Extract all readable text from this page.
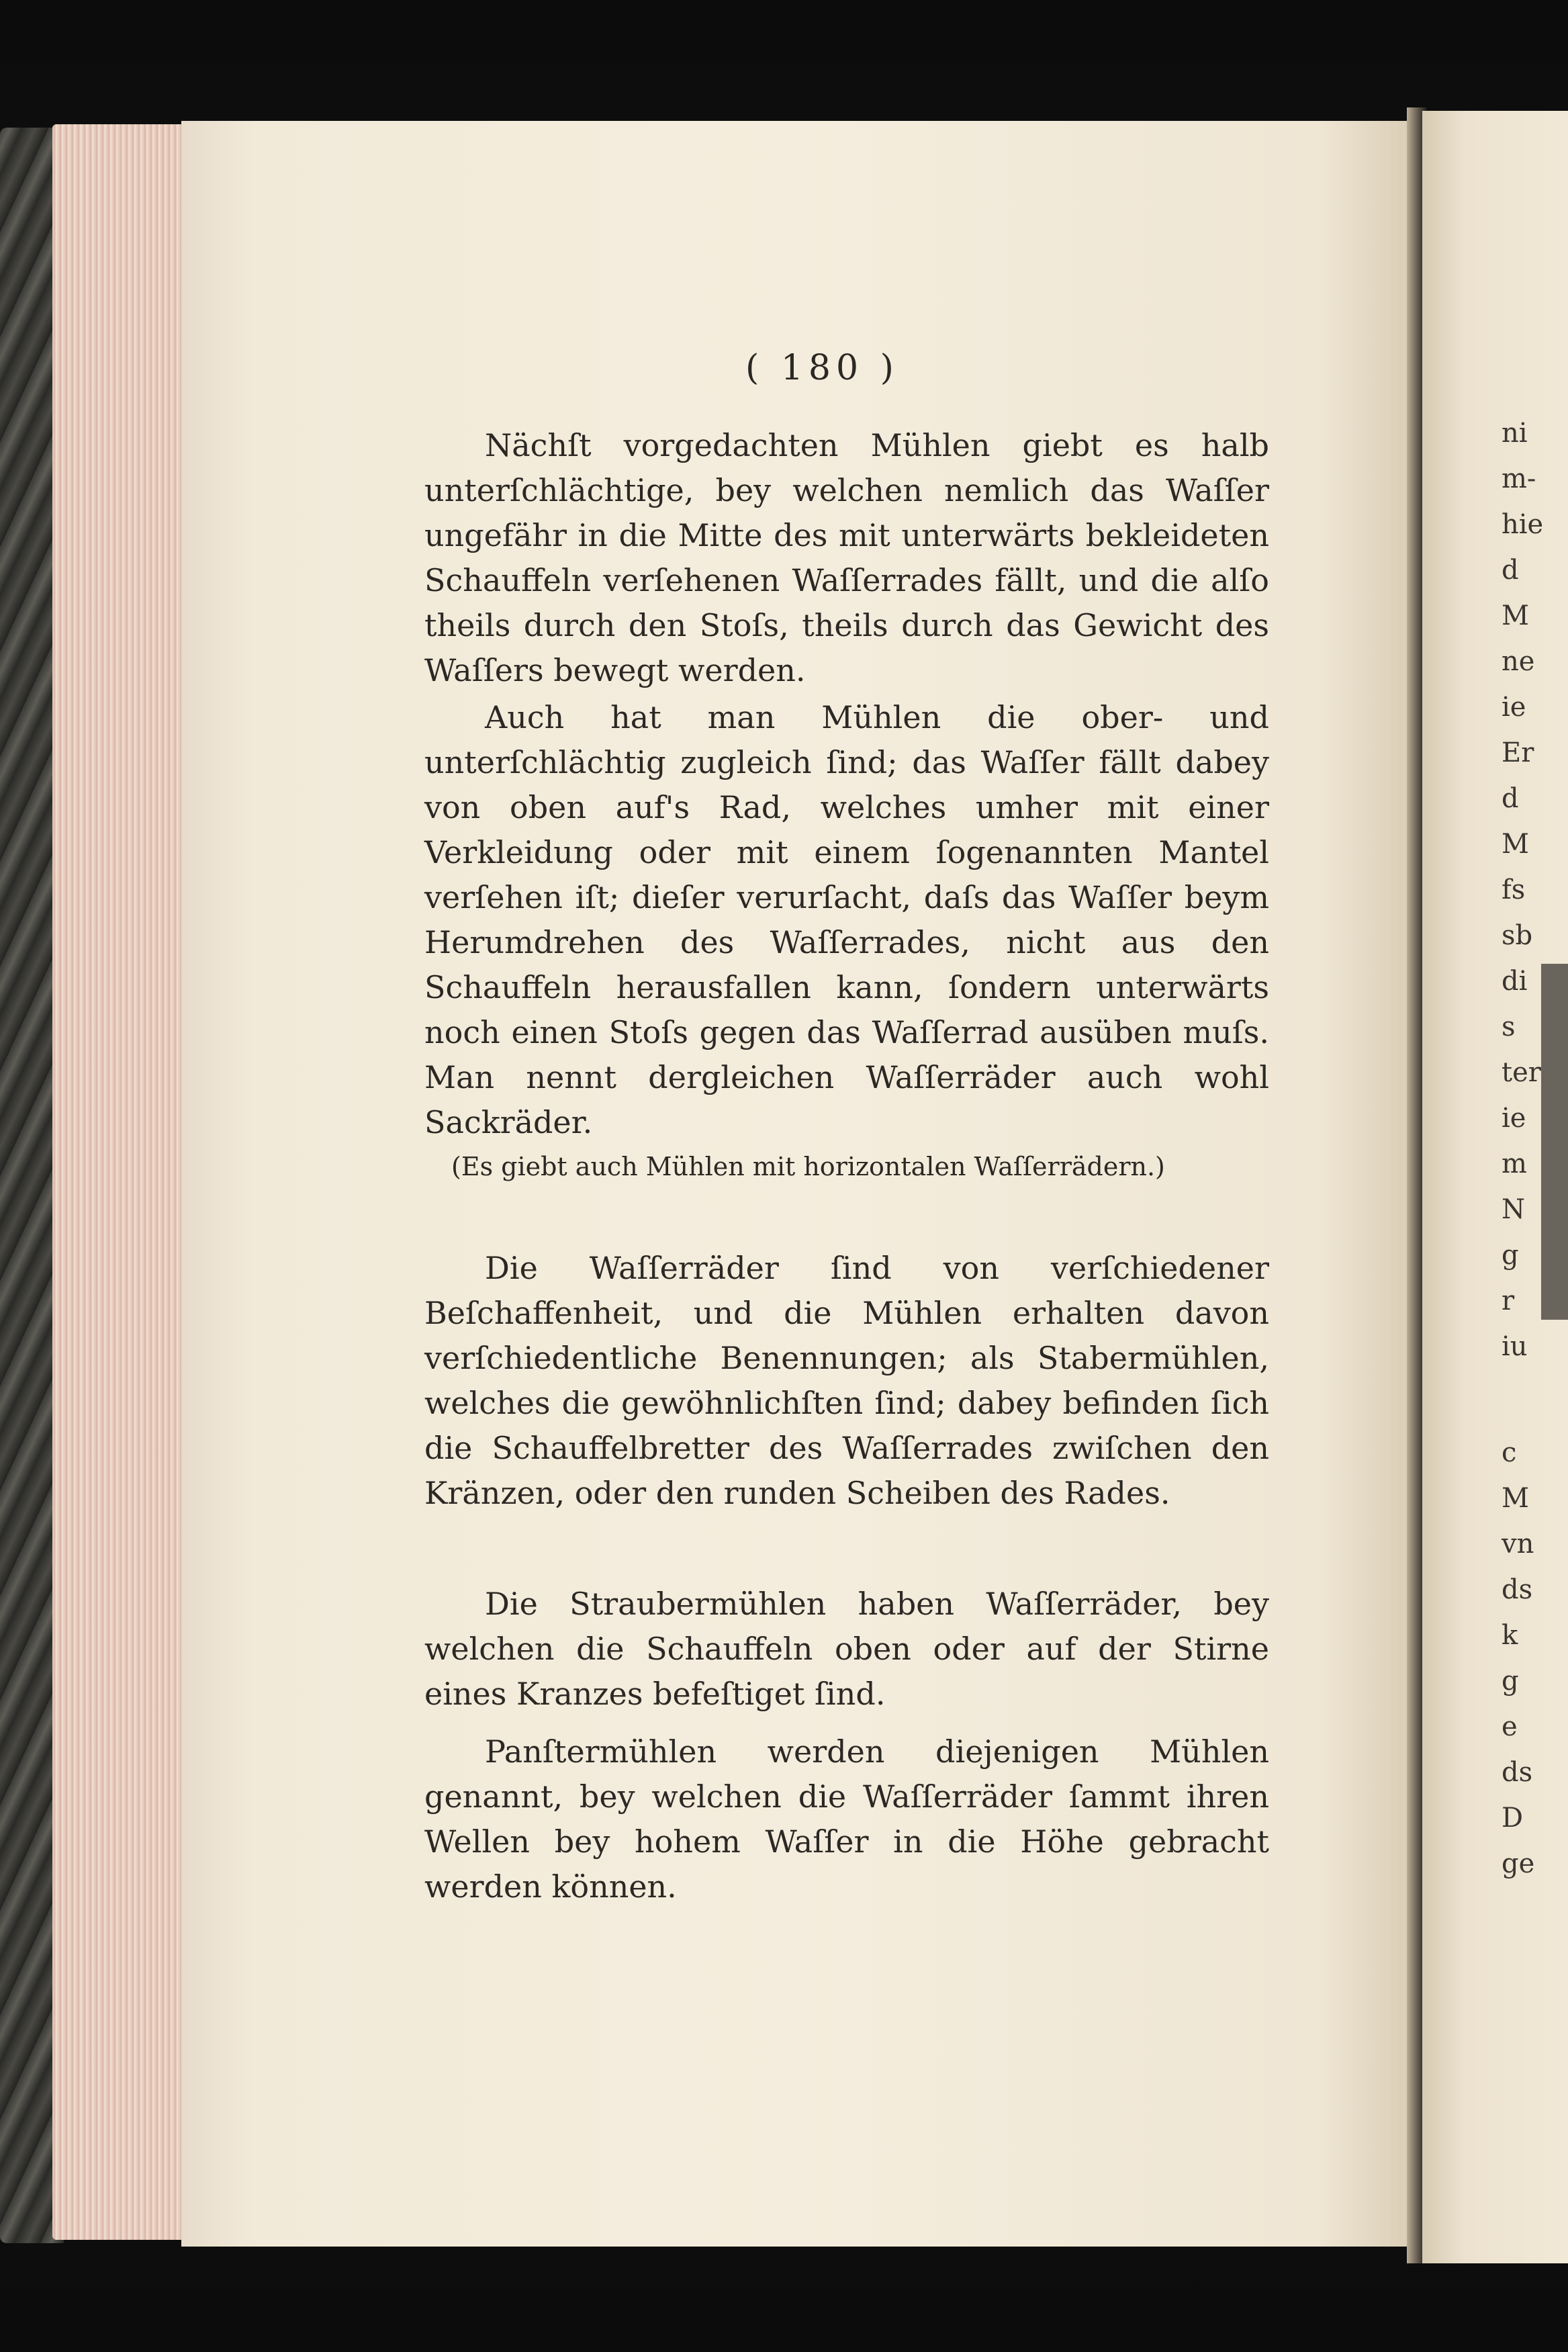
ni
m-
hie
d
M
ne
ie
Er
d
M
fs
sb
di
s
ter
ie
m
N
g
r
iu
c
M
vn
ds
k
g
e
ds
D
ge
( 180 )
Nächſt vorgedachten Mühlen giebt es halb unterſchlächtige, bey welchen nemlich das Waſſer ungefähr in die Mitte des mit unterwärts bekleideten Schauffeln verſehenen Waſſerrades fällt, und die alſo theils durch den Stoſs, theils durch das Gewicht des Waſſers bewegt werden.
Auch hat man Mühlen die ober- und unterſchlächtig zugleich ſind; das Waſſer fällt dabey von oben auf's Rad, welches umher mit einer Verkleidung oder mit einem ſogenannten Mantel verſehen iſt; dieſer verurſacht, daſs das Waſſer beym Herumdrehen des Waſſerrades, nicht aus den Schauffeln herausfallen kann, ſondern unterwärts noch einen Stoſs gegen das Waſſerrad ausüben muſs. Man nennt dergleichen Waſſerräder auch wohl Sackräder.
(Es giebt auch Mühlen mit horizontalen Waſſerrädern.)
Die Waſſerräder ſind von verſchiedener Beſchaffenheit, und die Mühlen erhalten davon verſchiedentliche Benennungen; als Stabermühlen, welches die gewöhnlichſten ſind; dabey befinden ſich die Schauffelbretter des Waſſerrades zwiſchen den Kränzen, oder den runden Scheiben des Rades.
Die Straubermühlen haben Waſſerräder, bey welchen die Schauffeln oben oder auf der Stirne eines Kranzes befeſtiget ſind.
Panſtermühlen werden diejenigen Mühlen genannt, bey welchen die Waſſerräder ſammt ihren Wellen bey hohem Waſſer in die Höhe gebracht werden können.
